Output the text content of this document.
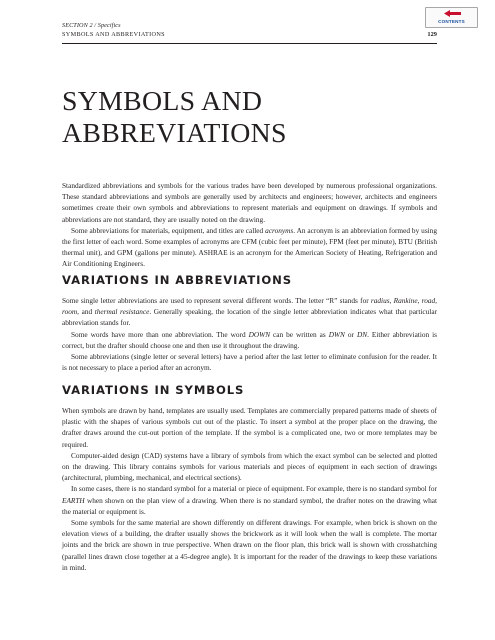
SECTION 2 / Specifics
SYMBOLS AND ABBREVIATIONS	129
CONTENTS
SYMBOLS AND
ABBREVIATIONS

Standardized abbreviations and symbols for the various trades have been developed by numerous professional organizations. These standard abbreviations and symbols are generally used by architects and engineers; however, architects and engineers sometimes create their own symbols and abbreviations to represent materials and equipment on drawings. If symbols and abbreviations are not standard, they are usually noted on the drawing.

Some abbreviations for materials, equipment, and titles are called acronyms. An acronym is an abbreviation formed by using the first letter of each word. Some examples of acronyms are CFM (cubic feet per minute), FPM (feet per minute), BTU (British thermal unit), and GPM (gallons per minute). ASHRAE is an acronym for the American Society of Heating, Refrigeration and Air Conditioning Engineers.

VARIATIONS IN ABBREVIATIONS

Some single letter abbreviations are used to represent several different words. The letter “R” stands for radius, Rankine, road, room, and thermal resistance. Generally speaking, the location of the single letter abbreviation indicates what that particular abbreviation stands for.

Some words have more than one abbreviation. The word DOWN can be written as DWN or DN. Either abbreviation is correct, but the drafter should choose one and then use it throughout the drawing.

Some abbreviations (single letter or several letters) have a period after the last letter to eliminate confusion for the reader. It is not necessary to place a period after an acronym.

VARIATIONS IN SYMBOLS

When symbols are drawn by hand, templates are usually used. Templates are commercially prepared patterns made of sheets of plastic with the shapes of various symbols cut out of the plastic. To insert a symbol at the proper place on the drawing, the drafter draws around the cut-out portion of the template. If the symbol is a complicated one, two or more templates may be required.

Computer-aided design (CAD) systems have a library of symbols from which the exact symbol can be selected and plotted on the drawing. This library contains symbols for various materials and pieces of equipment in each section of drawings (architectural, plumbing, mechanical, and electrical sections).

In some cases, there is no standard symbol for a material or piece of equipment. For example, there is no standard symbol for EARTH when shown on the plan view of a drawing. When there is no standard symbol, the drafter notes on the drawing what the material or equipment is.

Some symbols for the same material are shown differently on different drawings. For example, when brick is shown on the elevation views of a building, the drafter usually shows the brickwork as it will look when the wall is complete. The mortar joints and the brick are shown in true perspective. When drawn on the floor plan, this brick wall is shown with crosshatching (parallel lines drawn close together at a 45-degree angle). It is important for the reader of the drawings to keep these variations in mind.
